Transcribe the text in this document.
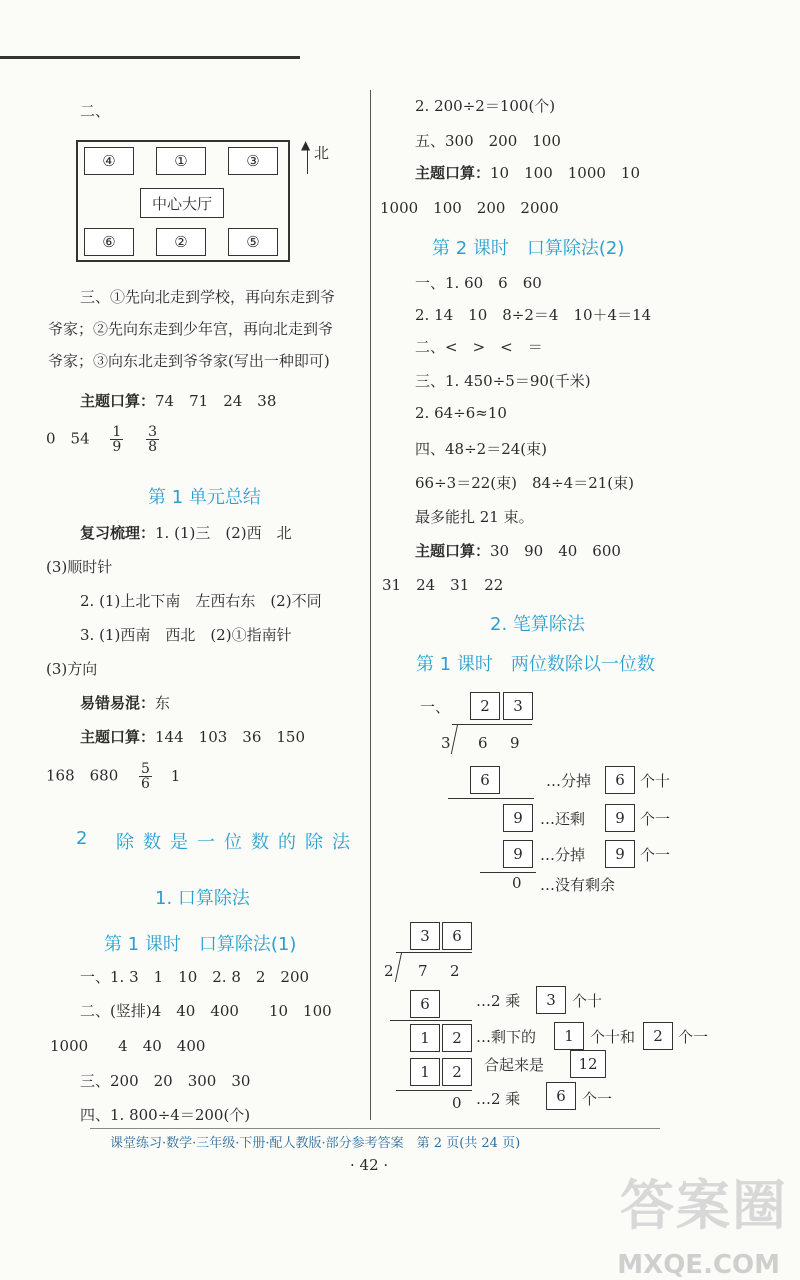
二、
④	①	③
中心大厅
⑥	②	⑤
▲ 北
三、①先向北走到学校，再向东走到爷
爷家；②先向东走到少年宫，再向北走到爷
爷家；③向东北走到爷爷家(写出一种即可)
主题口算：74　71　24　38
0　$54 \frac{1}{9}$
$\frac{3}{8}$
第 1 单元总结
复习梳理：1. (1)三　(2)西　北
(3)顺时针
2. (1)上北下南　左西右东　(2)不同
3. (1)西南　西北　(2)①指南针
(3)方向
易错易混：东
主题口算：144　103　36　150
168　$680 \frac{5}{6} 1$
2 除数是一位数的除法
1. 口算除法
第 1 课时　口算除法(1)
一、1. 3　1　10　2. 8　2　200
二、(竖排)4　40　400　　10　100
1000　　4　40　400
三、200　20　300　30
四、1. 800÷4＝200(个)
2. 200÷2＝100(个)
五、300　200　100
主题口算：10　100　1000　10
1000　100　200　2000
第 2 课时　口算除法(2)
一、1. 60　6　60
2. 14　10　8÷2＝4　10＋4＝14
二、<　>　<　＝
三、1. 450÷5＝90(千米)
2. 64÷6≈10
四、48÷2＝24(束)
66÷3＝22(束)　84÷4＝21(束)
最多能扎 21 束。
主题口算：30　90　40　600
31　24　31　22
2. 笔算除法
第 1 课时　两位数除以一位数
一、	2	3
3 6 9
6	…分掉	6	个十
9	…还剩	9	个一
9	…分掉	9	个一
0 …没有剩余
3	6
2 7 2
6	…2 乘	3	个十
1	2 …剩下的	1	个十和	2	个一
合起来是	12
1	2
…2 乘	6	个一
0
课堂练习·数学·三年级·下册·配人教版·部分参考答案　第 2 页(共 24 页)
· 42 ·
答案圈
MXQE.COM
